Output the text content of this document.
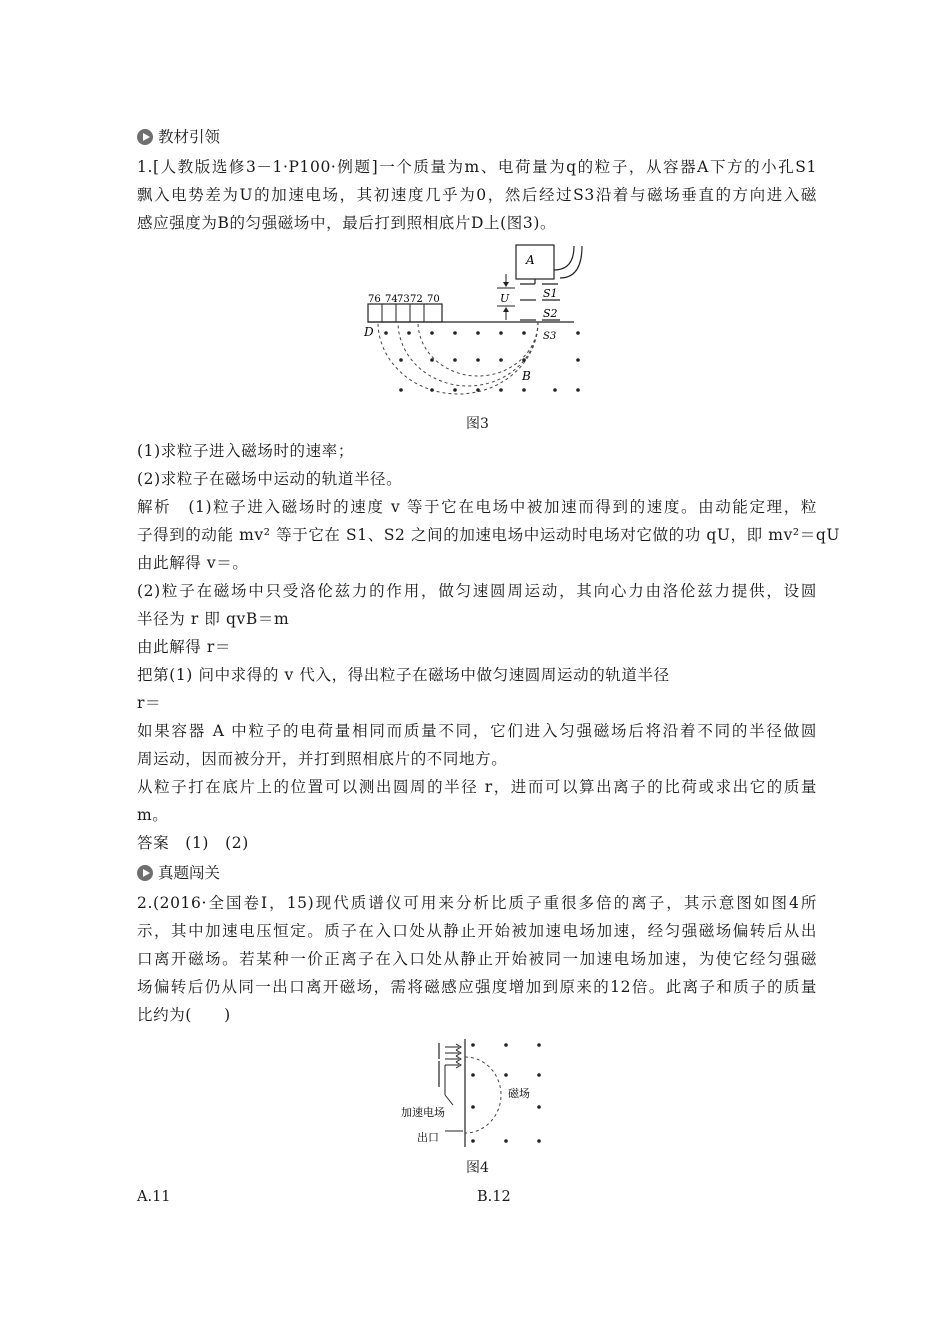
教材引领
1.[人教版选修3－1·P100·例题]一个质量为m、电荷量为q的粒子，从容器A下方的小孔S1
飘入电势差为U的加速电场，其初速度几乎为0，然后经过S3沿着与磁场垂直的方向进入磁
感应强度为B的匀强磁场中，最后打到照相底片D上(图3)。
A
S1
S2
U
76 74 73 72 70
D	S3
B
图3
(1)求粒子进入磁场时的速率；
(2)求粒子在磁场中运动的轨道半径。
解析　(1)粒子进入磁场时的速度 v 等于它在电场中被加速而得到的速度。由动能定理，粒
子得到的动能 mv² 等于它在 S1、S2 之间的加速电场中运动时电场对它做的功 qU，即 mv²＝qU
由此解得 v＝。
(2)粒子在磁场中只受洛伦兹力的作用，做匀速圆周运动，其向心力由洛伦兹力提供，设圆
半径为 r 即 qvB＝m
由此解得 r＝
把第(1) 问中求得的 v 代入，得出粒子在磁场中做匀速圆周运动的轨道半径
r＝
如果容器 A 中粒子的电荷量相同而质量不同，它们进入匀强磁场后将沿着不同的半径做圆
周运动，因而被分开，并打到照相底片的不同地方。
从粒子打在底片上的位置可以测出圆周的半径 r，进而可以算出离子的比荷或求出它的质量
m。
答案　(1)　(2)
真题闯关
2.(2016·全国卷Ⅰ，15)现代质谱仪可用来分析比质子重很多倍的离子，其示意图如图4所
示，其中加速电压恒定。质子在入口处从静止开始被加速电场加速，经匀强磁场偏转后从出
口离开磁场。若某种一价正离子在入口处从静止开始被同一加速电场加速，为使它经匀强磁
场偏转后仍从同一出口离开磁场，需将磁感应强度增加到原来的12倍。此离子和质子的质量
比约为(　　)
磁场
加速电场
出口
图4
A.11	B.12
